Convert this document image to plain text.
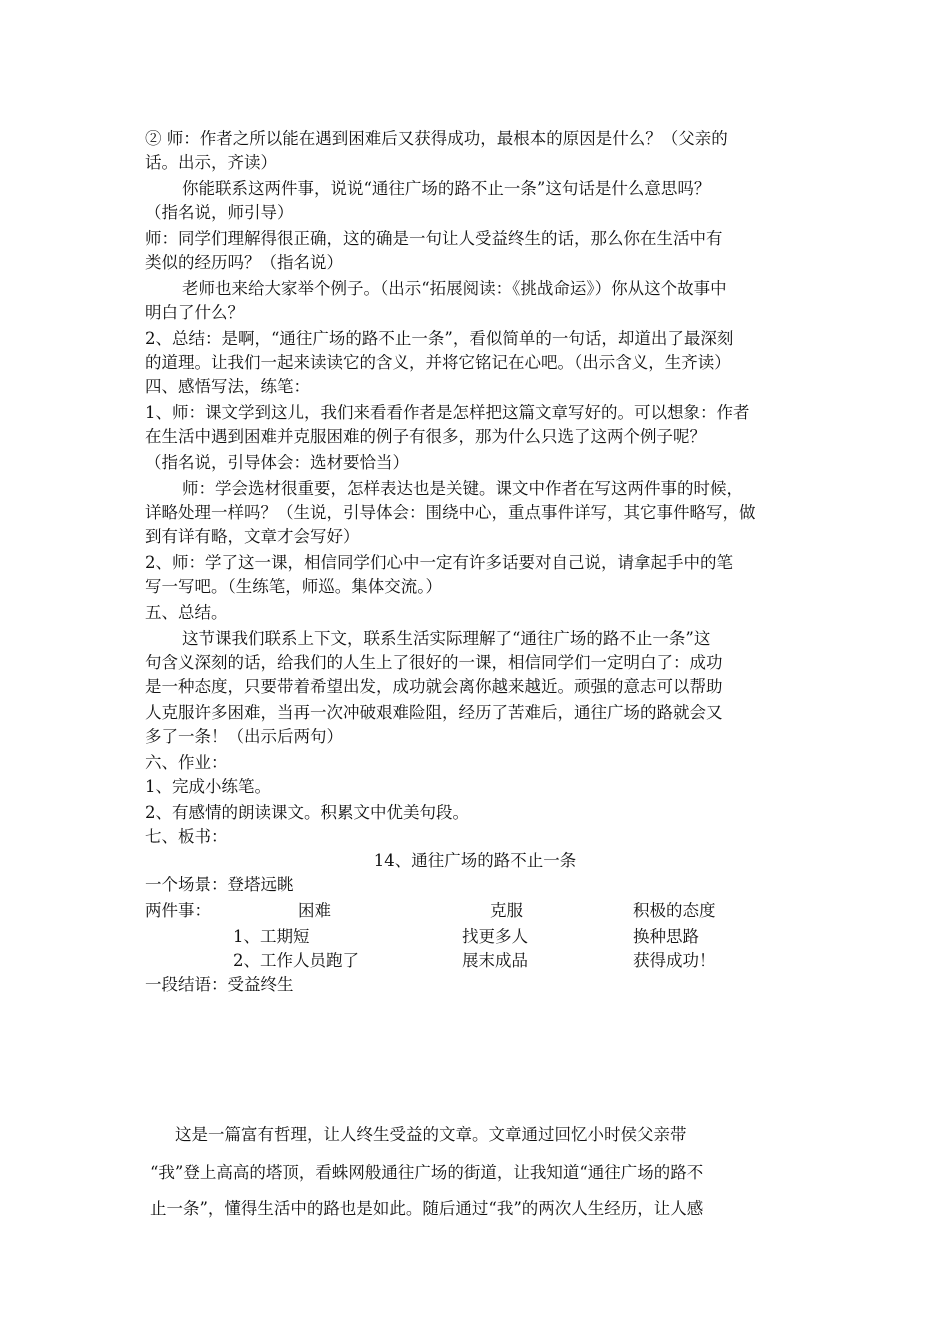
② 师：作者之所以能在遇到困难后又获得成功，最根本的原因是什么？（父亲的
话。出示，齐读）
你能联系这两件事，说说“通往广场的路不止一条”这句话是什么意思吗？
（指名说，师引导）
师：同学们理解得很正确，这的确是一句让人受益终生的话，那么你在生活中有
类似的经历吗？（指名说）
老师也来给大家举个例子。（出示“拓展阅读：《挑战命运》）你从这个故事中
明白了什么？
2、总结：是啊，“通往广场的路不止一条”，看似简单的一句话，却道出了最深刻
的道理。让我们一起来读读它的含义，并将它铭记在心吧。（出示含义，生齐读）
四、感悟写法，练笔：
1、师：课文学到这儿，我们来看看作者是怎样把这篇文章写好的。可以想象：作者
在生活中遇到困难并克服困难的例子有很多，那为什么只选了这两个例子呢？
（指名说，引导体会：选材要恰当）
师：学会选材很重要，怎样表达也是关键。课文中作者在写这两件事的时候，
详略处理一样吗？（生说，引导体会：围绕中心，重点事件详写，其它事件略写，做
到有详有略，文章才会写好）
2、师：学了这一课，相信同学们心中一定有许多话要对自己说，请拿起手中的笔
写一写吧。（生练笔，师巡。集体交流。）
五、总结。
这节课我们联系上下文，联系生活实际理解了“通往广场的路不止一条”这
句含义深刻的话，给我们的人生上了很好的一课，相信同学们一定明白了：成功
是一种态度，只要带着希望出发，成功就会离你越来越近。顽强的意志可以帮助
人克服许多困难，当再一次冲破艰难险阻，经历了苦难后，通往广场的路就会又
多了一条！（出示后两句）
六、作业：
1、完成小练笔。
2、有感情的朗读课文。积累文中优美句段。
七、板书：
14、通往广场的路不止一条
一个场景：登塔远眺
两件事：	困难	克服	积极的态度
1、工期短	找更多人	换种思路
2、工作人员跑了	展末成品	获得成功！
一段结语：受益终生
这是一篇富有哲理，让人终生受益的文章。文章通过回忆小时侯父亲带
“我”登上高高的塔顶，看蛛网般通往广场的街道，让我知道“通往广场的路不
止一条”，懂得生活中的路也是如此。随后通过“我”的两次人生经历，让人感
